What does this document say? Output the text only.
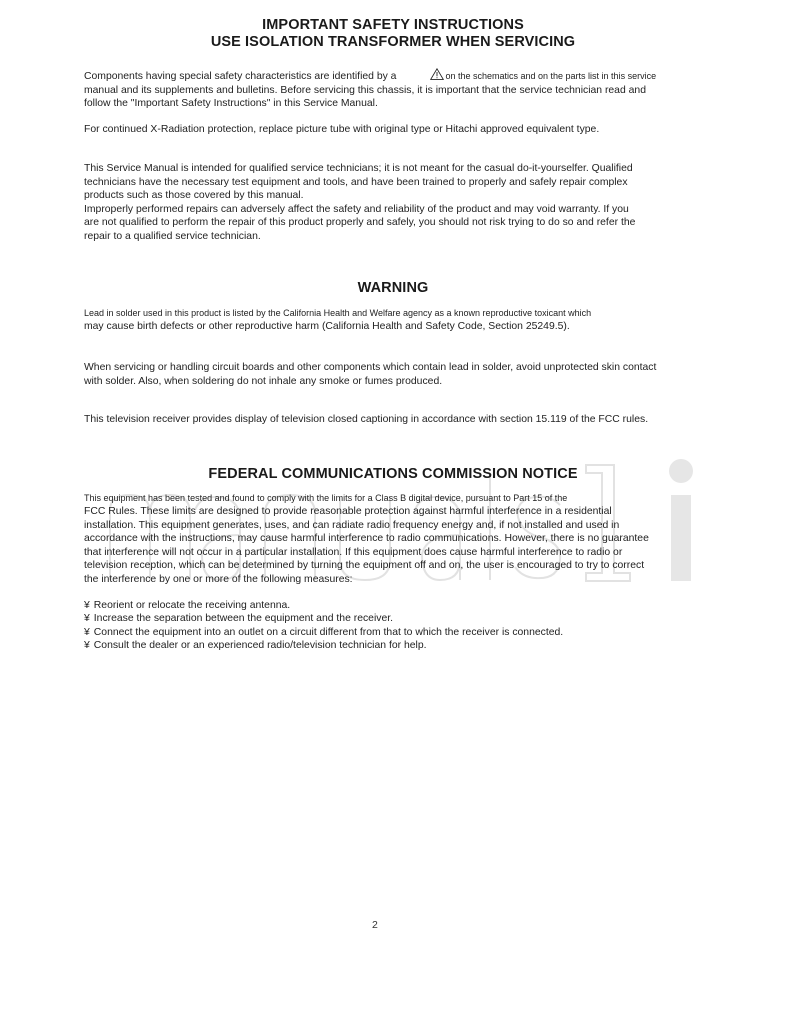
IMPORTANT SAFETY INSTRUCTIONS
USE ISOLATION TRANSFORMER WHEN SERVICING
Components having special safety characteristics are identified by a	on the schematics and on the parts list in this service
manual and its supplements and bulletins. Before servicing this chassis, it is important that the service technician read and
follow the "Important Safety Instructions" in this Service Manual.
For continued X-Radiation protection, replace picture tube with original type or Hitachi approved equivalent type.
This Service Manual is intended for qualified service technicians; it is not meant for the casual do-it-yourselfer. Qualified
technicians have the necessary test equipment and tools, and have been trained to properly and safely repair complex
products such as those covered by this manual.
Improperly performed repairs can adversely affect the safety and reliability of the product and may void warranty. If you
are not qualified to perform the repair of this product properly and safely, you should not risk trying to do so and refer the
repair to a qualified service technician.
WARNING
Lead in solder used in this product is listed by the California Health and Welfare agency as a known reproductive toxicant which
may cause birth defects or other reproductive harm (California Health and Safety Code, Section 25249.5).
When servicing or handling circuit boards and other components which contain lead in solder, avoid unprotected skin contact
with solder. Also, when soldering do not inhale any smoke or fumes produced.
This television receiver provides display of television closed captioning in accordance with section 15.119 of the FCC rules.
FEDERAL COMMUNICATIONS COMMISSION NOTICE
This equipment has been tested and found to comply with the limits for a Class B digital device, pursuant to Part 15 of the
FCC Rules. These limits are designed to provide reasonable protection against harmful interference in a residential
installation. This equipment generates, uses, and can radiate radio frequency energy and, if not installed and used in
accordance with the instructions, may cause harmful interference to radio communications. However, there is no guarantee
that interference will not occur in a particular installation. If this equipment does cause harmful interference to radio or
television reception, which can be determined by turning the equipment off and on, the user is encouraged to try to correct
the interference by one or more of the following measures:
¥ Reorient or relocate the receiving antenna.
¥ Increase the separation between the equipment and the receiver.
¥ Connect the equipment into an outlet on a circuit different from that to which the receiver is connected.
¥ Consult the dealer or an experienced radio/television technician for help.
2
